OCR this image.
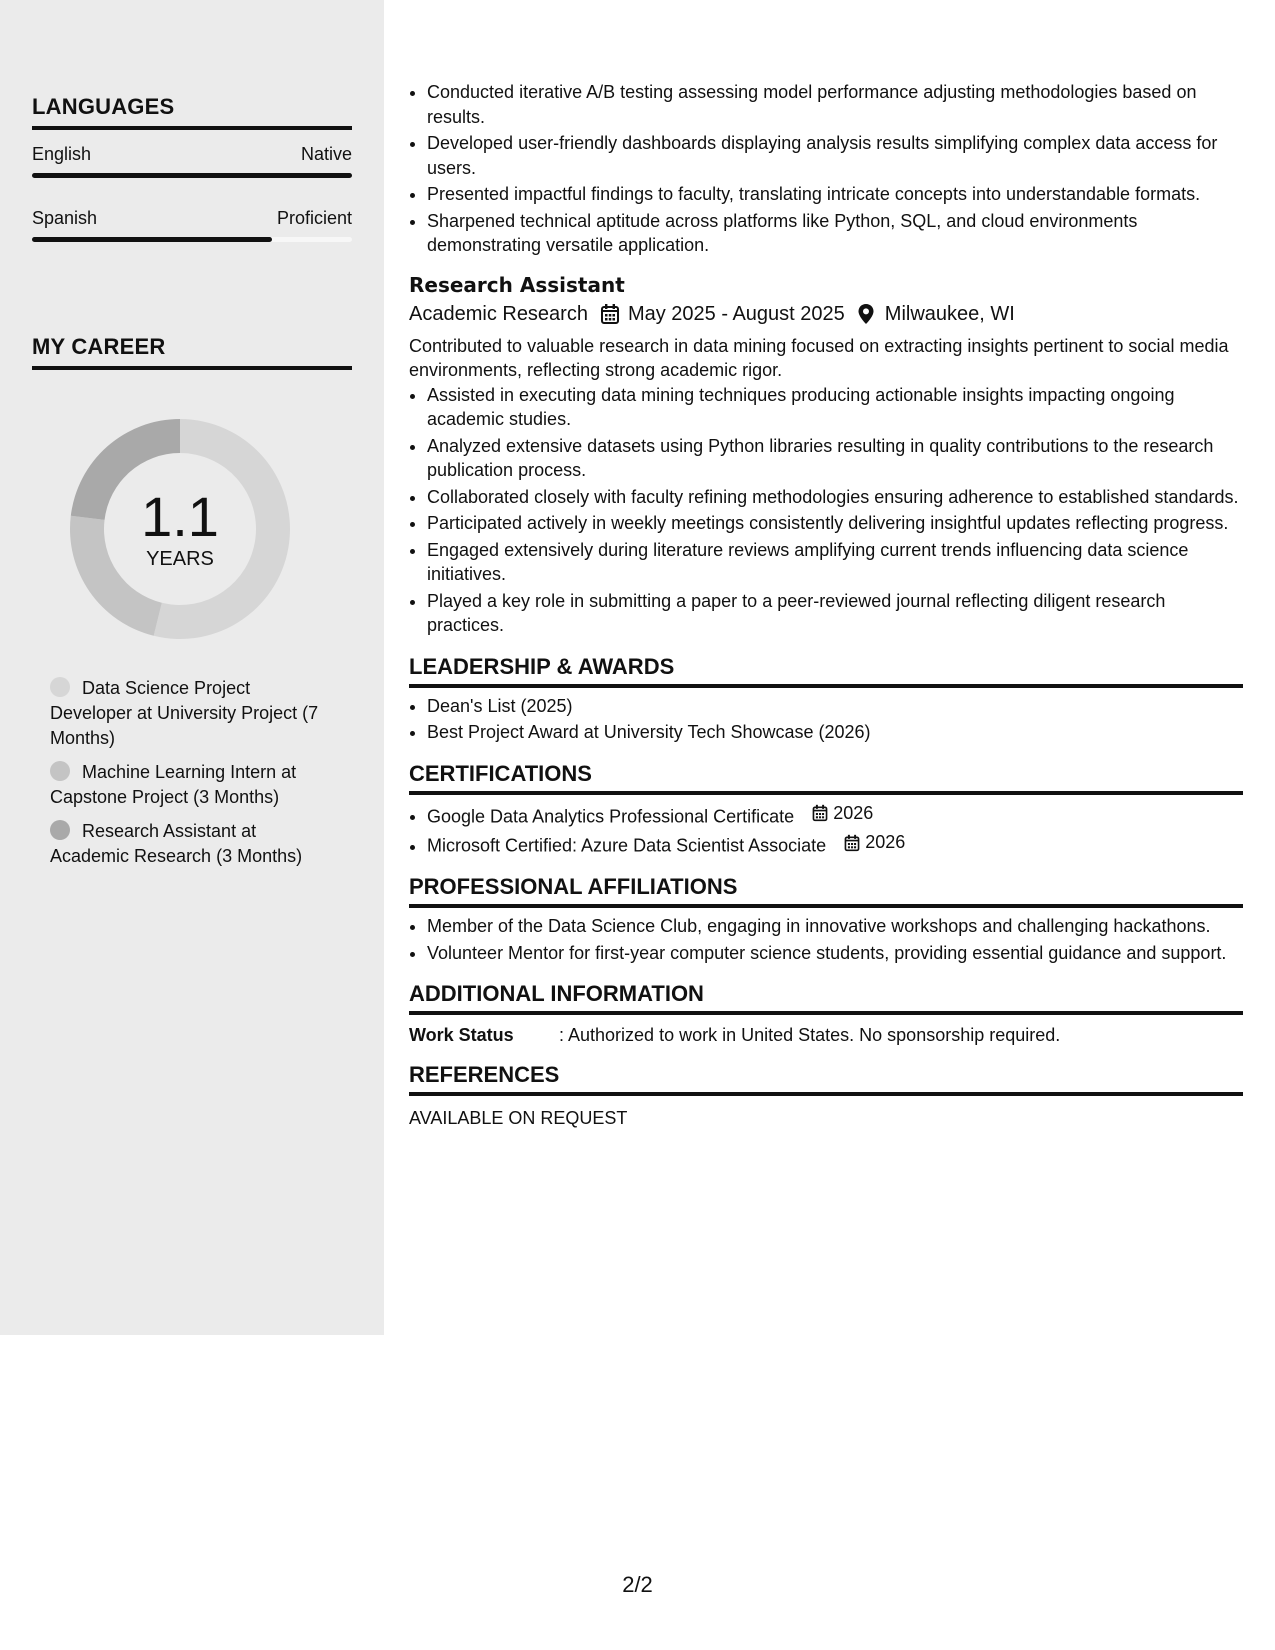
LANGUAGES
English	Native
Spanish	Proficient
MY CAREER
1.1
YEARS
Data Science Project Developer at University Project (7 Months)
Machine Learning Intern at Capstone Project (3 Months)
Research Assistant at Academic Research (3 Months)
• Conducted iterative A/B testing assessing model performance adjusting methodologies based on results.
• Developed user-friendly dashboards displaying analysis results simplifying complex data access for users.
• Presented impactful findings to faculty, translating intricate concepts into understandable formats.
• Sharpened technical aptitude across platforms like Python, SQL, and cloud environments demonstrating versatile application.
Research Assistant
Academic Research May 2025 - August 2025 Milwaukee, WI
Contributed to valuable research in data mining focused on extracting insights pertinent to social media environments, reflecting strong academic rigor.
• Assisted in executing data mining techniques producing actionable insights impacting ongoing academic studies.
• Analyzed extensive datasets using Python libraries resulting in quality contributions to the research publication process.
• Collaborated closely with faculty refining methodologies ensuring adherence to established standards.
• Participated actively in weekly meetings consistently delivering insightful updates reflecting progress.
• Engaged extensively during literature reviews amplifying current trends influencing data science initiatives.
• Played a key role in submitting a paper to a peer-reviewed journal reflecting diligent research practices.
LEADERSHIP & AWARDS
• Dean's List (2025)
• Best Project Award at University Tech Showcase (2026)
CERTIFICATIONS
• Google Data Analytics Professional Certificate 2026
• Microsoft Certified: Azure Data Scientist Associate 2026
PROFESSIONAL AFFILIATIONS
• Member of the Data Science Club, engaging in innovative workshops and challenging hackathons.
• Volunteer Mentor for first-year computer science students, providing essential guidance and support.
ADDITIONAL INFORMATION
Work Status	: Authorized to work in United States. No sponsorship required.
REFERENCES
AVAILABLE ON REQUEST
2/2
